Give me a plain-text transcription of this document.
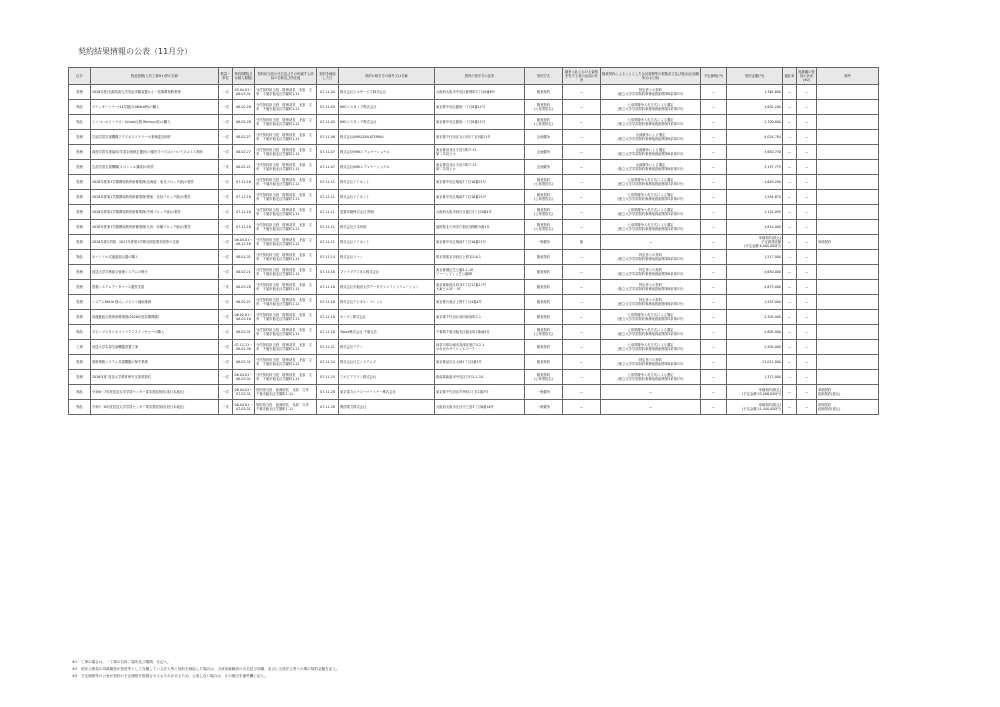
契約結果情報の公表（11月分）
区分	物品役務(公共工事※1)等の名称	数量・単位	契約期間(又は納入期限)	契約担当役の氏名及びその所属する部局の名称及び所在地	契約を締結した日	契約の相手方の商号又は名称	契約の相手方の住所	契約方式	競争入札における資格を有する者の参加の状況	随意契約によることとした会計規程等の根拠条文及び理由(企画競争又は公募)	予定価格(円)	契約金額(円)	落札率	再就職の役員の状況(※2)	備考
役務	2026年度/先端技術大学実証実験装置せん一括無償保修業務	一式	05.04.01～06.03.31	分任契約担当役　財務部長　北原　文孝　千葉市稲毛区学園町1-11	07.11.04	株式会社ビルサービス株式会社	大阪府大阪市中央区静岡町2丁目6番6号	随意契約	—	特定者との契約
(独立大学学部契約事務取扱細則第8条第1号)	—	1,362,600	—	—	
物品	プリンタートナー(14位類)(10Bdrb時)の購入	一式	06.02.28	分任契約担当役　財務部長　北原　文孝　千葉市稲毛区学園町1-11	07.11.05	NKCマスタップ株式会社	東京都中央区銀座一丁目8番11号	随意契約
(公募型指名)	—	公募型競争入札方式による選定
(独立大学学部契約事務取扱細則第3条第1号)	—	1,652,200	—	—	
物品	トバ･ル･ルコーリオン(Vcolo社製 Wrmsyc用)の購入	一式	06.02.28	分任契約担当役　財務部長　北原　文孝　千葉市稲毛区学園町1-11	07.11.05	NKCマスタップ株式会社	東京都中央区銀座一丁目8番11号	随意契約
(公募型指名)	—	公募型競争入札方式による選定
(独立大学学部契約事務取扱細則第3条第1号)	—	2,700,000	—	—	
役務	生協学習支援機構アクジネスソナリーの業務委託制作	一式	06.02.27	分任契約担当役　財務部長　北原　文孝　千葉市稲毛区学園町1-11	07.11.06	株式会社AMAZONLATERIKA	東京都千代田区丸の内2丁目5番11号	企画競争	—	企画競争による選定
(独立大学学部契約事務取扱細則第8条第1号)	—	4,024,784	—	—	
役務	高度学習支援協約(学習企画制定選択)の運営すべてはについてのストエ制作	一式	06.02.27	分任契約担当役　財務部長　北原　文孝　千葉市稲毛区学園町1-11	07.11.07	株式会社NHKエデュケーショナル	東京都渋谷区宇田川町7-13
第二共同ビル	企画競争	—	企画競争による選定
(独立大学学部契約事務取扱細則第8条第1号)	—	3,650,730	—	—	
役務	生涯学習支援機構(スペシャル講演)の制作	一式	06.02.21	分任契約担当役　財務部長　北原　文孝　千葉市稲毛区学園町1-11	07.11.07	株式会社NHKエデュケーショナル	東京都渋谷区宇田川町7-13
第二共同ビル	企画競争	—	企画競争による選定
(独立大学学部契約事務取扱細則第8条第1号)	—	3,197,779	—	—	
役務	2026年度第1学期開始教育研修業務(北海道・東北ブロック版)の製作	一式	07.12.18	分任契約担当役　財務部長　北原　文孝　千葉市稲毛区学園町1-11	07.11.11	株式会社アイネット	東京都中央区築地7丁目16番21号	随意契約
(公募型指名)	—	公募型競争入札方式による選定
(独立大学学部契約事務取扱細則第3条第1号)	—	1,649,200	—	—	
役務	2026年度第1学期開始教育研修業務(関東・北信ブロック版)の製作	一式	07.12.18	分任契約担当役　財務部長　北原　文孝　千葉市稲毛区学園町1-11	07.11.11	株式会社アイネット	東京都中央区築地7丁目16番21号	随意契約
(公募型指名)	—	公募型競争入札方式による選定
(独立大学学部契約事務取扱細則第3条第1号)	—	1,594,870	—	—	
役務	2026年度第1学期開始教育研修業務(中国ブロック版)の製作	一式	07.12.18	分任契約担当役　財務部長　北原　文孝　千葉市稲毛区学園町1-11	07.11.11	富書印刷株式会社 関西	大阪府大阪市西区北堀江3丁目5番4号	随意契約
(公募型指名)	—	公募型競争入札方式による選定
(独立大学学部契約事務取扱細則第3条第1号)	—	2,124,095	—	—	
役務	2026年度第1学期開始教育研修業務(九州・沖縄ブロック版)の製作	一式	07.12.18	分任契約担当役　財務部長　北原　文孝　千葉市稲毛区学園町1-11	07.11.11	株式会社日本印刷	福岡県北九州市戸畑区西鞘町9番1号	随意契約
(公募型指名)	—	公募型競争入札方式による選定
(独立大学学部契約事務取扱細則第3条第1号)	—	1,614,000	—	—	
役務	2026年度2学期、2027年度第1学期対面授業実施等の支援	一式	06.04.01～08.12.16	分任契約担当役　財務部長　北原　文孝　千葉市稲毛区学園町1-11	07.11.11	株式会社アイネット	東京都中央区築地7丁目16番21号	一般競争	無	—	—	単価契約(税込)
予定調達総額
(予定金額 6,000,000円)	—	—	単価契約
物品	ネハンドル式液晶展示器の購入	一式	06.01.31	分任契約担当役　財務部長　北原　文孝　千葉市稲毛区学園町1-11	07.11.14	株式会社ジーン	熊本県熊本市西区上熊本2-6-1	随意契約	—	特定者との契約
(独立大学学部契約事務取扱細則第8条第1号)	—	1,517,000	—	—	
役務	放送大学学務総合管理システムの保守	一式	06.02.21	分任契約担当役　財務部長　北原　文孝　千葉市稲毛区学園町1-11	07.11.18	ファイグデジタル株式会社	東京都港区芝公園1-1-10
アーバンフィッ芝公園8F	随意契約	—	特定者との契約
(独立大学学部契約事務取扱細則第8条第1号)	—	4,650,000	—	—	
役務	図書システムデータベース運営支援	一式	06.03.20	分任契約担当役　財務部長　北原　文孝　千葉市稲毛区学園町1-11	07.11.18	株式会社早稲田大学データクリエイトソリューション	東京都新宿区四谷3丁目12番17号
大東ビル2F・3F	随意契約	—	特定者との契約
(独立大学学部契約事務取扱細則第8条第1号)	—	4,675,000	—	—	
役務	システム8HUA 個人レジストリ補助業務	一式	06.02.21	分任契約担当役　財務部長　北原　文孝　千葉市稲毛区学園町1-11	07.11.18	株式会社デジタル・ナレッジ	東京都台東区上野7丁目4番4号	随意契約	—	特定者との契約
(独立大学学部契約事務取扱細則第8条第1号)	—	1,557,000	—	—	
役務	再運動総合教育研修業務(2026年度前期開講)	一式	06.02.01～06.03.18	分任契約担当役　財務部長　北原　文孝　千葉市稲毛区学園町1-11	07.11.18	オープン株式会社	東京都千代田区神田和泉町2-1	随意契約	—	公募型競争入札方式による選定
(独立大学学部契約事務取扱細則第3条第1号)	—	2,305,000	—	—	
物品	ダビングスタジオマトリクススイッチャーの購入	一式	06.03.31	分任契約担当役　財務部長　北原　文孝　千葉市稲毛区学園町1-11	07.11.18	Tokue株式会社 千葉支店	千葉県千葉市稲毛区稲毛町2番地5号	随意契約
(公募型指名)	—	公募型競争入札方式による選定
(独立大学学部契約事務取扱細則第3条第1号)	—	2,605,000	—	—	
工事	放送大学本部空調機器設置工事	一式	07.11.21～08.01.30	分任契約担当役　財務部長　北原　文孝　千葉市稲毛区学園町1-11	07.11.21	株式会社テクノ	神奈川県川崎市高津区坂戸3-2-1
かながわサイエンスパーク	随意契約	—	公募型競争入札方式による選定
(独立大学学部契約事務取扱細則第3条第1号)	—	2,505,000	—	—	
役務	基幹情報システム共通機器の保守業務	一式	06.03.31	分任契約担当役　財務部長　北原　文孝　千葉市稲毛区学園町1-11	07.11.24	株式会社日立システムズ	東京都品川区大崎1丁目2番1号	随意契約	—	特定者との契約
(独立大学学部契約事務取扱細則第8条第1号)	—	21,011,000	—	—	
役務	2026年度 放送大学教育研究支援者契約	一式	06.04.01～08.03.31	分任契約担当役　財務部長　北原　文孝　千葉市稲毛区学園町1-11	07.11.25	アルピアプラン株式会社	新潟県新潟市中央区万代2-1-10	随意契約
(公募型指名)	—	公募型競争入札方式による選定
(独立大学学部契約事務取扱細則第3条第1号)	—	1,372,000	—	—	
物品	令和6～7年度放送大学学習センター電気需給契約(東日本地区)	一式	06.04.01～07.03.31	契約担当役　総務部長　北原　文孝　千葉市稲毛区学園町1-11	07.11.28	東京電力エナジーパートナー株式会社	東京都千代田区内幸町1丁目1番3号	一般競争	—	—	—	単価契約(税込)
(予定金額 55,268,000円)	—	—	単価契約
総価契約(税込)
物品	令和7～8年度放送大学学習センター電気需給契約(西日本地区)	一式	06.04.01～07.03.31	契約担当役　総務部長　北原　文孝　千葉市稲毛区学園町1-11	07.11.28	関西電力株式会社	大阪府大阪市北区中之島3丁目6番16号	一般競争	—	—	—	単価契約(税込)
(予定金額 21,440,000円)	—	—	単価契約
総価契約(税込)
※1　工事の場合は、「工事の名称、場所及び期間」を記入。
※2　国家公務員の再就職者が役員等として在職している法人等と契約を締結した場合は、当該再就職者の氏名及び前職、並びに当該法人等との間の契約金額を記入。
※3　予定価格等の公表が契約の予定価格を推測させるおそれがあるため、公表しない場合は、その理由を備考欄に記入。
